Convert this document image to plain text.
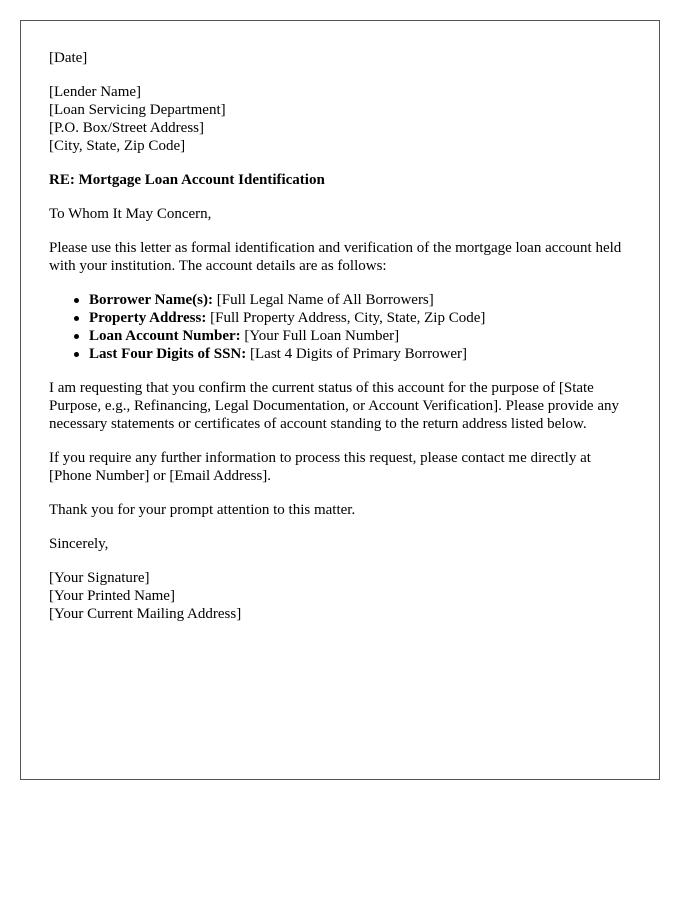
[Date]
[Lender Name]
[Loan Servicing Department]
[P.O. Box/Street Address]
[City, State, Zip Code]

RE: Mortgage Loan Account Identification

To Whom It May Concern,

Please use this letter as formal identification and verification of the mortgage loan account held with your institution. The account details are as follows:

Borrower Name(s): [Full Legal Name of All Borrowers]
Property Address: [Full Property Address, City, State, Zip Code]
Loan Account Number: [Your Full Loan Number]
Last Four Digits of SSN: [Last 4 Digits of Primary Borrower]

I am requesting that you confirm the current status of this account for the purpose of [State Purpose, e.g., Refinancing, Legal Documentation, or Account Verification]. Please provide any necessary statements or certificates of account standing to the return address listed below.

If you require any further information to process this request, please contact me directly at [Phone Number] or [Email Address].

Thank you for your prompt attention to this matter.

Sincerely,

[Your Signature]
[Your Printed Name]
[Your Current Mailing Address]
